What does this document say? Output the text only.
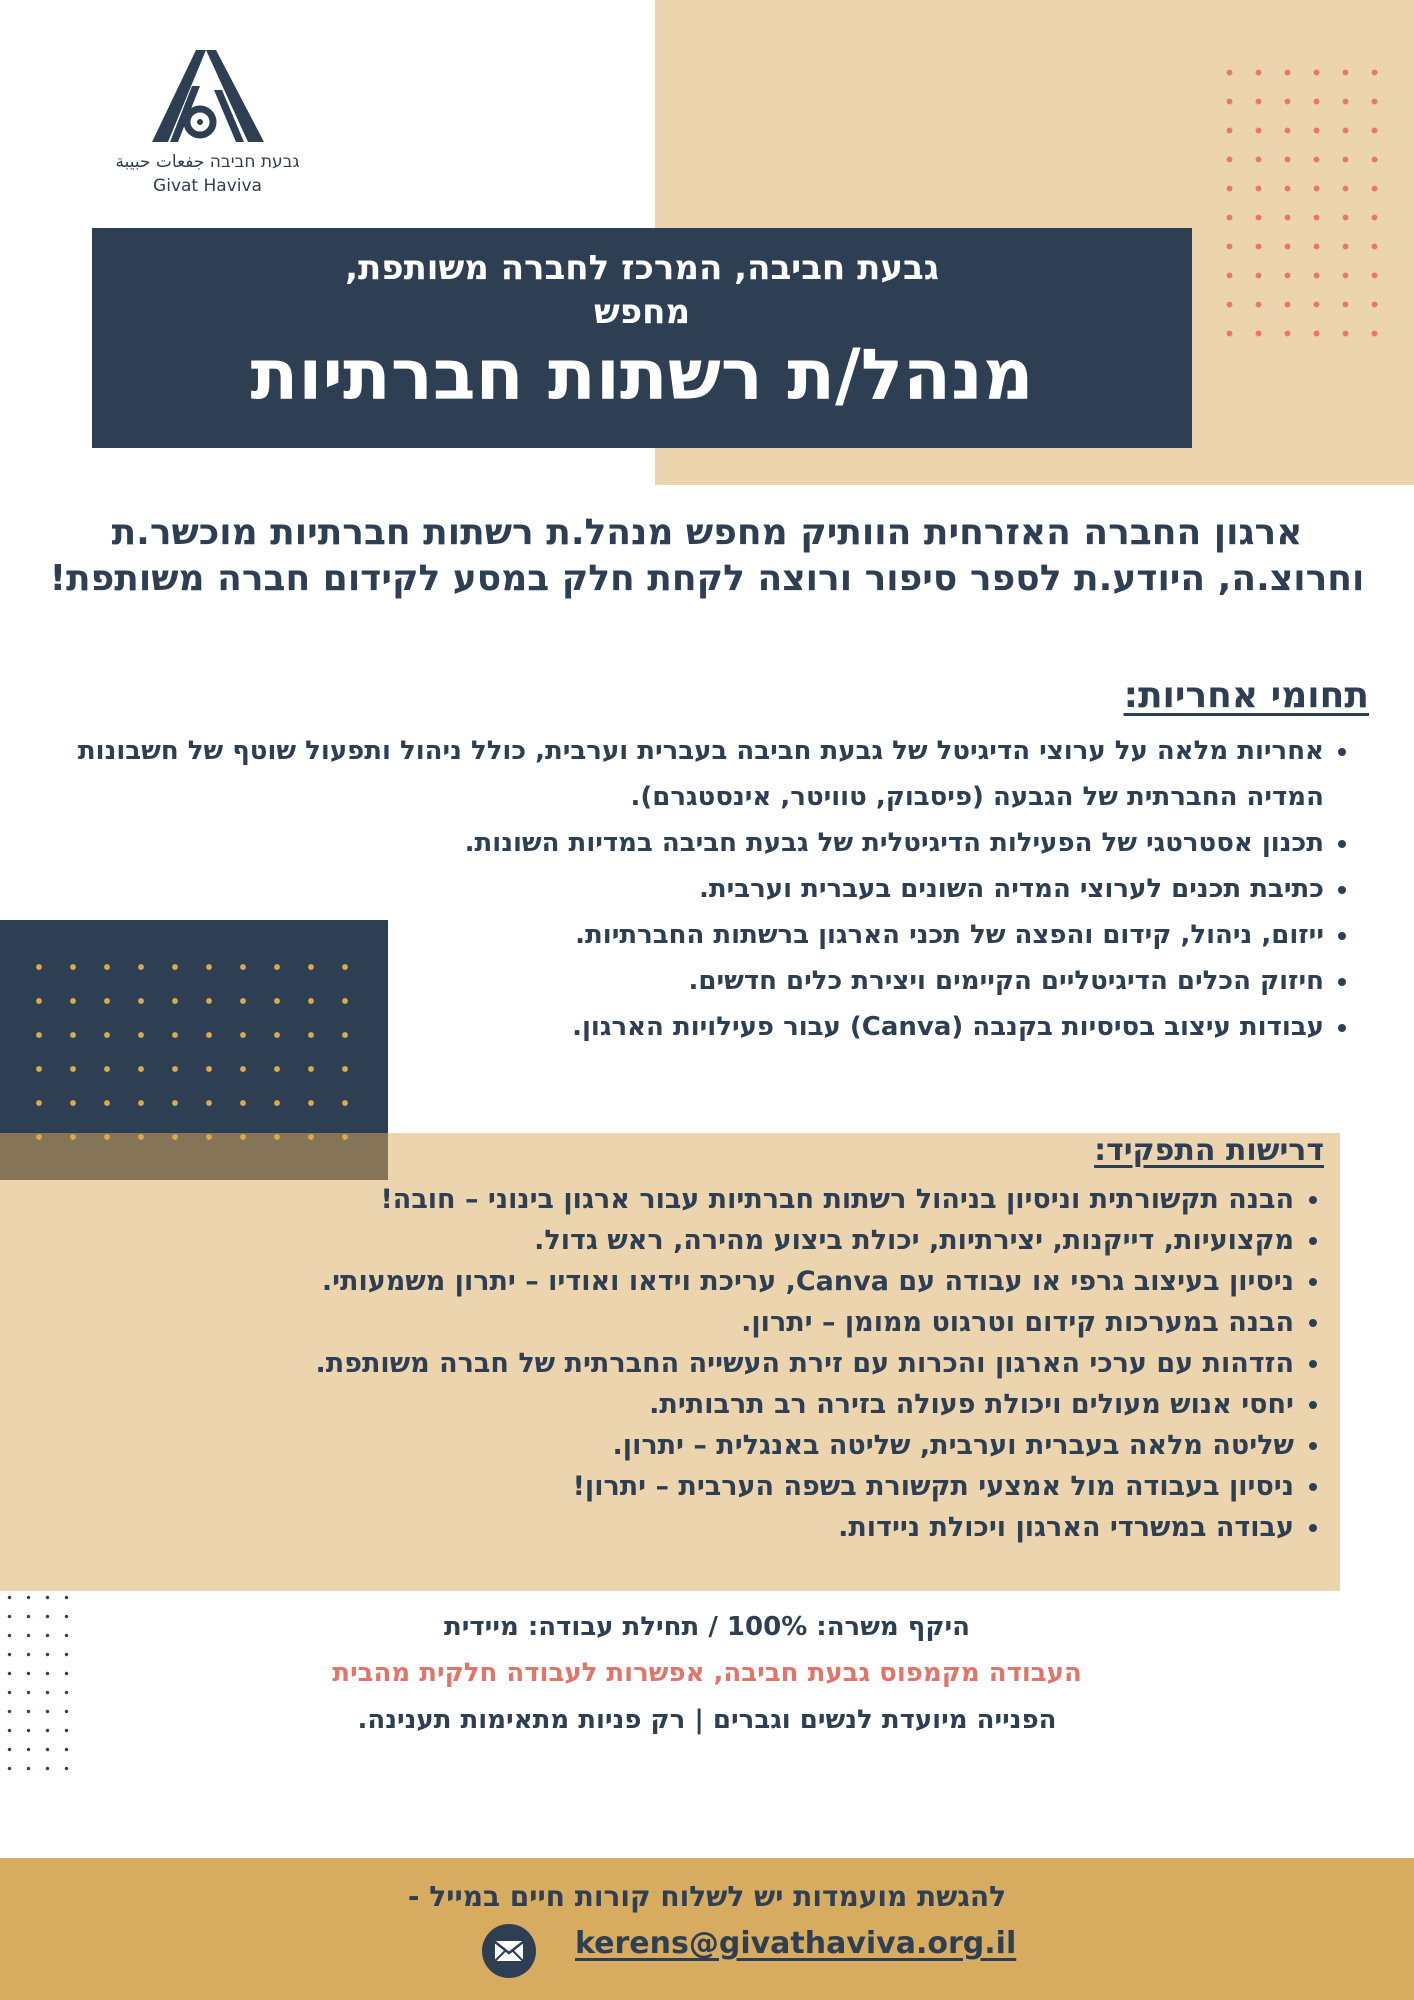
גבעת חביבה جفعات حبيبة
Givat Haviva
גבעת חביבה, המרכז לחברה משותפת,
מחפש
מנהל/ת רשתות חברתיות
ארגון החברה האזרחית הוותיק מחפש מנהל.ת רשתות חברתיות מוכשר.ת
וחרוצ.ה, היודע.ת לספר סיפור ורוצה לקחת חלק במסע לקידום חברה משותפת!
תחומי אחריות:
• אחריות מלאה על ערוצי הדיגיטל של גבעת חביבה בעברית וערבית, כולל ניהול ותפעול שוטף של חשבונות המדיה החברתית של הגבעה (פיסבוק, טוויטר, אינסטגרם).
• תכנון אסטרטגי של הפעילות הדיגיטלית של גבעת חביבה במדיות השונות.
• כתיבת תכנים לערוצי המדיה השונים בעברית וערבית.
• ייזום, ניהול, קידום והפצה של תכני הארגון ברשתות החברתיות.
• חיזוק הכלים הדיגיטליים הקיימים ויצירת כלים חדשים.
• עבודות עיצוב בסיסיות בקנבה (Canva) עבור פעילויות הארגון.
דרישות התפקיד:
• הבנה תקשורתית וניסיון בניהול רשתות חברתיות עבור ארגון בינוני – חובה!
• מקצועיות, דייקנות, יצירתיות, יכולת ביצוע מהירה, ראש גדול.
• ניסיון בעיצוב גרפי או עבודה עם Canva, עריכת וידאו ואודיו – יתרון משמעותי.
• הבנה במערכות קידום וטרגוט ממומן – יתרון.
• הזדהות עם ערכי הארגון והכרות עם זירת העשייה החברתית של חברה משותפת.
• יחסי אנוש מעולים ויכולת פעולה בזירה רב תרבותית.
• שליטה מלאה בעברית וערבית, שליטה באנגלית – יתרון.
• ניסיון בעבודה מול אמצעי תקשורת בשפה הערבית – יתרון!
• עבודה במשרדי הארגון ויכולת ניידות.
היקף משרה: 100% / תחילת עבודה: מיידית
העבודה מקמפוס גבעת חביבה, אפשרות לעבודה חלקית מהבית
הפנייה מיועדת לנשים וגברים | רק פניות מתאימות תענינה.
להגשת מועמדות יש לשלוח קורות חיים במייל -
kerens@givathaviva.org.il
